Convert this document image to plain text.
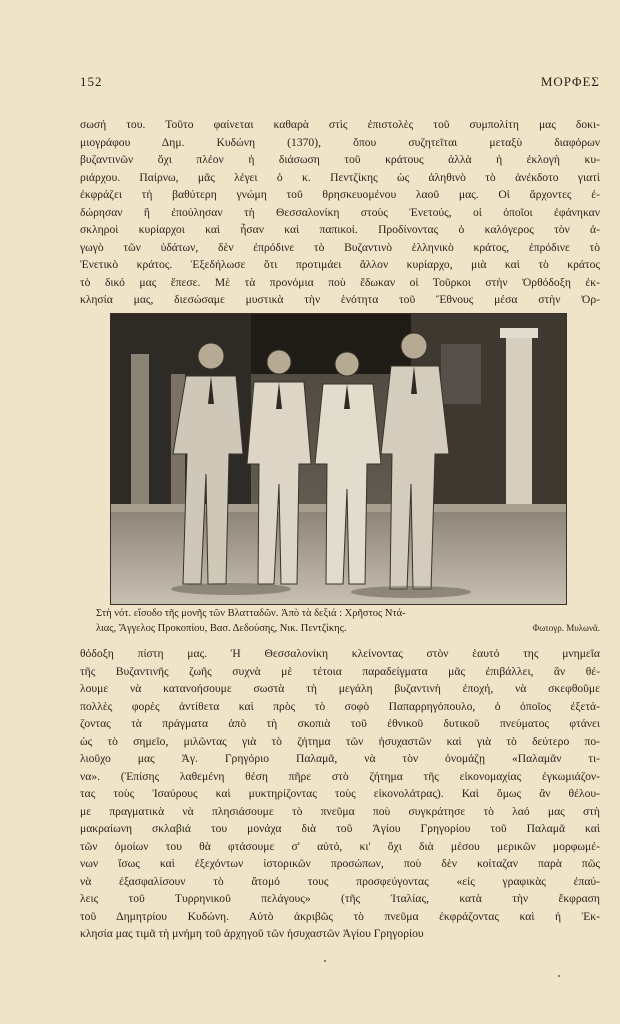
152	ΜΟΡΦΕΣ
σωσή του. Τοῦτο φαίνεται καθαρὰ στὶς ἐπιστολὲς τοῦ συμπολίτη μας δοκι-
μιογράφου Δημ. Κυδώνη (1370), ὅπου συζητεῖται μεταξὺ διαφόρων
βυζαντινῶν ὄχι πλέον ἡ διάσωση τοῦ κράτους ἀλλὰ ἡ ἐκλογὴ κυ-
ριάρχου. Παίρνω, μᾶς λέγει ὁ κ. Πεντζίκης ὡς ἀληθινὸ τὸ ἀνέκδοτο γιατὶ
ἐκφράζει τὴ βαθύτερη γνώμη τοῦ θρησκευομένου λαοῦ μας. Οἱ ἄρχοντες ἐ-
δώρησαν ἢ ἐπούλησαν τὴ Θεσσαλονίκη στοὺς Ἐνετούς, οἱ ὁποῖοι ἐφάνηκαν
σκληροὶ κυρίαρχοι καὶ ἦσαν καὶ παπικοί. Προδίνοντας ὁ καλόγερος τὸν ἀ-
γωγὸ τῶν ὑδάτων, δὲν ἐπρόδινε τὸ Βυζαντινὸ ἑλληνικὸ κράτος, ἐπρόδινε τὸ
Ἐνετικὸ κράτος. Ἐξεδήλωσε ὅτι προτιμάει ἄλλον κυρίαρχο, μιὰ καὶ τὸ κράτος
τὸ δικό μας ἔπεσε. Μὲ τὰ προνόμια ποὺ ἔδωκαν οἱ Τοῦρκοι στὴν Ὀρθόδοξη ἐκ-
κλησία μας, διεσώσαμε μυστικὰ τὴν ἑνότητα τοῦ Ἔθνους μέσα στὴν Ὀρ-
Στὴ νότ. εἴσοδο τῆς μονῆς τῶν Βλατταδῶν. Ἀπὸ τὰ δεξιά : Χρῆστος Ντά-
λιας, Ἄγγελος Προκοπίου, Βασ. Δεδούσης, Νικ. Πεντζίκης.	Φωτογρ. Μυλωνᾶ.
θόδοξη πίστη μας. Ἡ Θεσσαλονίκη κλείνοντας στὸν ἑαυτό της μνημεῖα
τῆς Βυζαντινῆς ζωῆς συχνὰ μὲ τέτοια παραδείγματα μᾶς ἐπιβάλλει, ἂν θέ-
λουμε νὰ κατανοήσουμε σωστὰ τὴ μεγάλη βυζαντινὴ ἐποχή, νὰ σκεφθοῦμε
πολλὲς φορὲς ἀντίθετα καὶ πρὸς τὸ σοφὸ Παπαρρηγόπουλο, ὁ ὁποῖος ἐξετά-
ζοντας τὰ πράγματα ἀπὸ τὴ σκοπιὰ τοῦ ἐθνικοῦ δυτικοῦ πνεύματος φτάνει
ὡς τὸ σημεῖο, μιλῶντας γιὰ τὸ ζήτημα τῶν ἡσυχαστῶν καὶ γιὰ τὸ δεύτερο πο-
λιοῦχο μας Ἁγ. Γρηγόριο Παλαμᾶ, νὰ τὸν ὀνομάζῃ «Παλαμᾶν τι-
να». (Ἐπίσης λαθεμένη θέση πῆρε στὸ ζήτημα τῆς εἰκονομαχίας ἐγκωμιάζον-
τας τοὺς Ἰσαύρους καὶ μυκτηρίζοντας τοὺς εἰκονολάτρας). Καὶ ὅμως ἂν θέλου-
με πραγματικὰ νὰ πλησιάσουμε τὸ πνεῦμα ποὺ συγκράτησε τὸ λαό μας στὴ
μακραίωνη σκλαβιά του μονάχα διὰ τοῦ Ἁγίου Γρηγορίου τοῦ Παλαμᾶ καὶ
τῶν ὁμοίων του θὰ φτάσουμε σ' αὐτό, κι' ὄχι διὰ μέσου μερικῶν μορφωμέ-
νων ἴσως καὶ ἐξεχόντων ἱστορικῶν προσώπων, ποὺ δὲν κοίταζαν παρὰ πῶς
νὰ ἐξασφαλίσουν τὸ ἄτομό τους προσφεύγοντας «εἰς γραφικὰς ἐπαύ-
λεις τοῦ Τυρρηνικοῦ πελάγους» (τῆς Ἰταλίας, κατὰ τὴν ἔκφραση
τοῦ Δημητρίου Κυδώνη. Αὐτὸ ἀκριβῶς τὸ πνεῦμα ἐκφράζοντας καὶ ἡ Ἐκ-
κλησία μας τιμᾶ τὴ μνήμη τοῦ ἀρχηγοῦ τῶν ἡσυχαστῶν Ἁγίου Γρηγορίου
